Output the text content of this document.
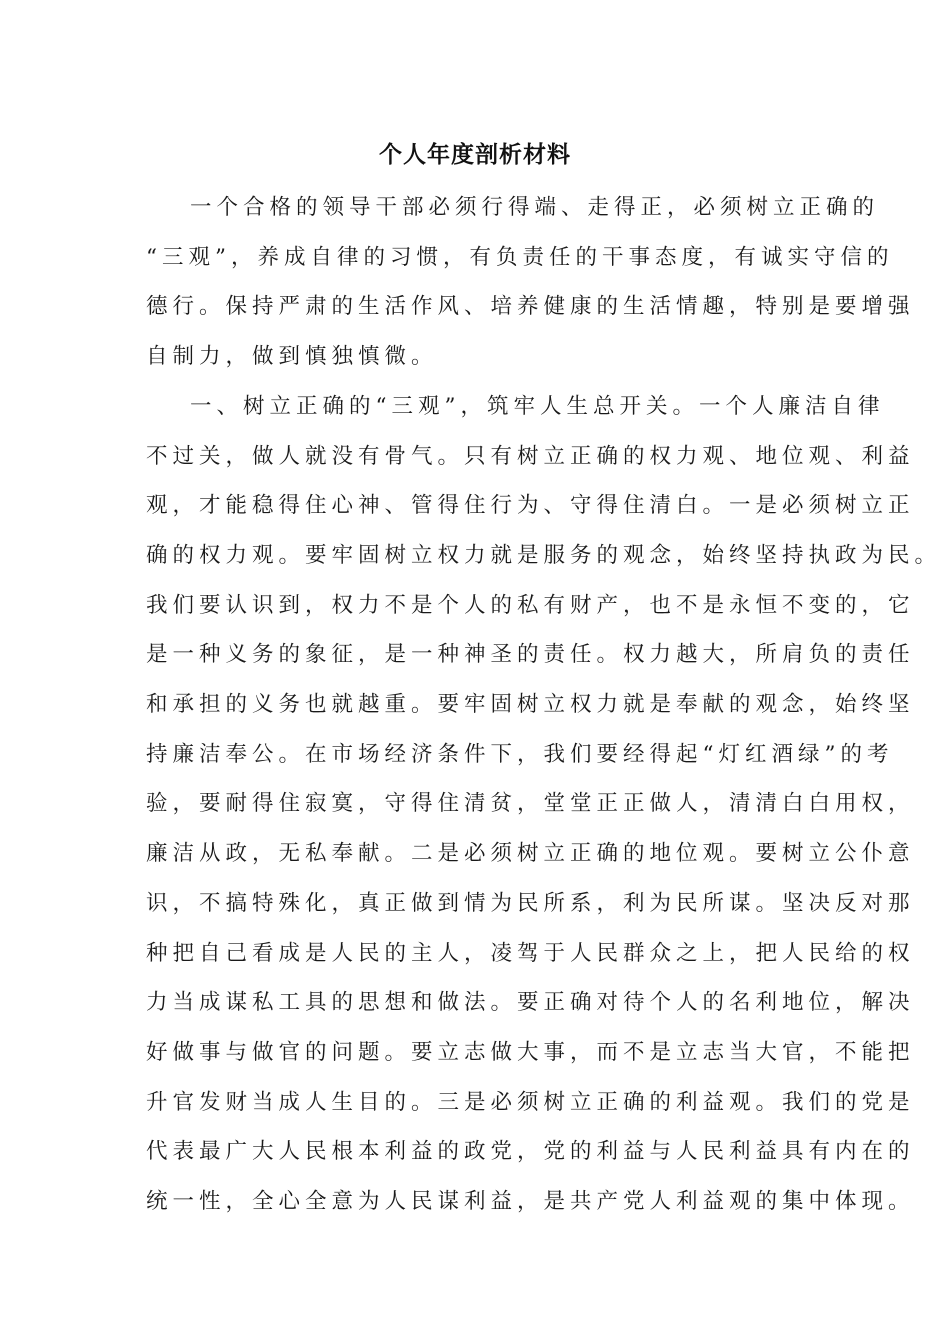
个人年度剖析材料
一个合格的领导干部必须行得端、走得正，必须树立正确的
“三观”，养成自律的习惯，有负责任的干事态度，有诚实守信的
德行。保持严肃的生活作风、培养健康的生活情趣，特别是要增强
自制力，做到慎独慎微。
一、树立正确的“三观”，筑牢人生总开关。一个人廉洁自律
不过关，做人就没有骨气。只有树立正确的权力观、地位观、利益
观，才能稳得住心神、管得住行为、守得住清白。一是必须树立正
确的权力观。要牢固树立权力就是服务的观念，始终坚持执政为民。
我们要认识到，权力不是个人的私有财产，也不是永恒不变的，它
是一种义务的象征，是一种神圣的责任。权力越大，所肩负的责任
和承担的义务也就越重。要牢固树立权力就是奉献的观念，始终坚
持廉洁奉公。在市场经济条件下，我们要经得起“灯红酒绿”的考
验，要耐得住寂寞，守得住清贫，堂堂正正做人，清清白白用权，
廉洁从政，无私奉献。二是必须树立正确的地位观。要树立公仆意
识，不搞特殊化，真正做到情为民所系，利为民所谋。坚决反对那
种把自己看成是人民的主人，凌驾于人民群众之上，把人民给的权
力当成谋私工具的思想和做法。要正确对待个人的名利地位，解决
好做事与做官的问题。要立志做大事，而不是立志当大官，不能把
升官发财当成人生目的。三是必须树立正确的利益观。我们的党是
代表最广大人民根本利益的政党，党的利益与人民利益具有内在的
统一性，全心全意为人民谋利益，是共产党人利益观的集中体现。
